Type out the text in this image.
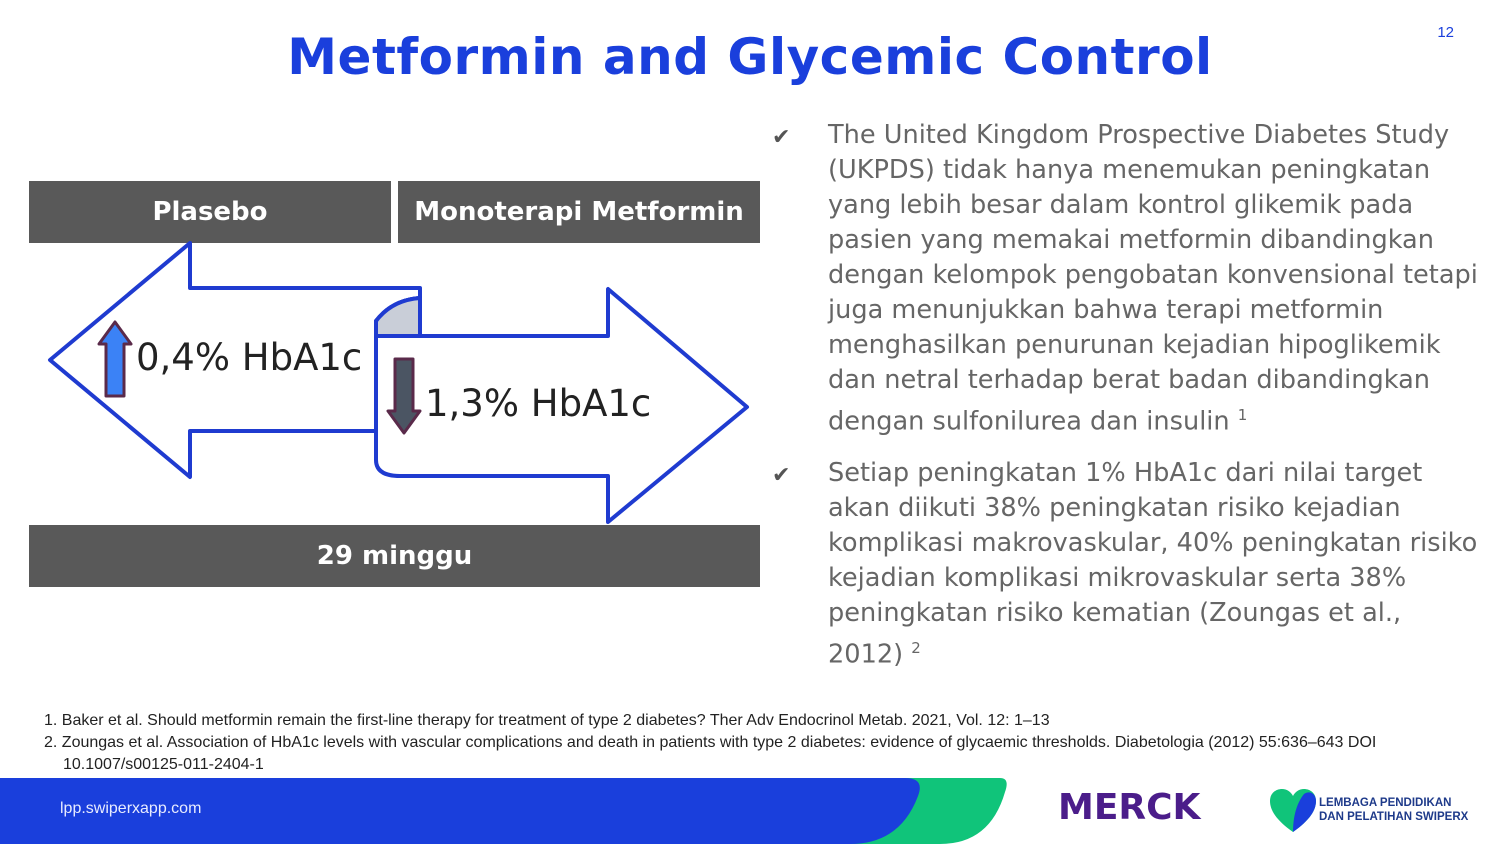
Metformin and Glycemic Control	12
Plasebo	Monoterapi Metformin
0,4% HbA1c
1,3% HbA1c
29 minggu
✔	The United Kingdom Prospective Diabetes Study (UKPDS) tidak hanya menemukan peningkatan yang lebih besar dalam kontrol glikemik pada pasien yang memakai metformin dibandingkan dengan kelompok pengobatan konvensional tetapi juga menunjukkan bahwa terapi metformin menghasilkan penurunan kejadian hipoglikemik dan netral terhadap berat badan dibandingkan dengan sulfonilurea dan insulin $^1$
✔	Setiap peningkatan 1% HbA1c dari nilai target akan diikuti 38% peningkatan risiko kejadian komplikasi makrovaskular, 40% peningkatan risiko kejadian komplikasi mikrovaskular serta 38% peningkatan risiko kematian (Zoungas et al., 2012) $^2$
1. Baker et al. Should metformin remain the first-line therapy for treatment of type 2 diabetes? Ther Adv Endocrinol Metab. 2021, Vol. 12: 1–13
2. Zoungas et al. Association of HbA1c levels with vascular complications and death in patients with type 2 diabetes: evidence of glycaemic thresholds. Diabetologia (2012) 55:636–643 DOI 10.1007/s00125-011-2404-1
lpp.swiperxapp.com	MERCK	LEMBAGA PENDIDIKAN
DAN PELATIHAN SWIPERX
